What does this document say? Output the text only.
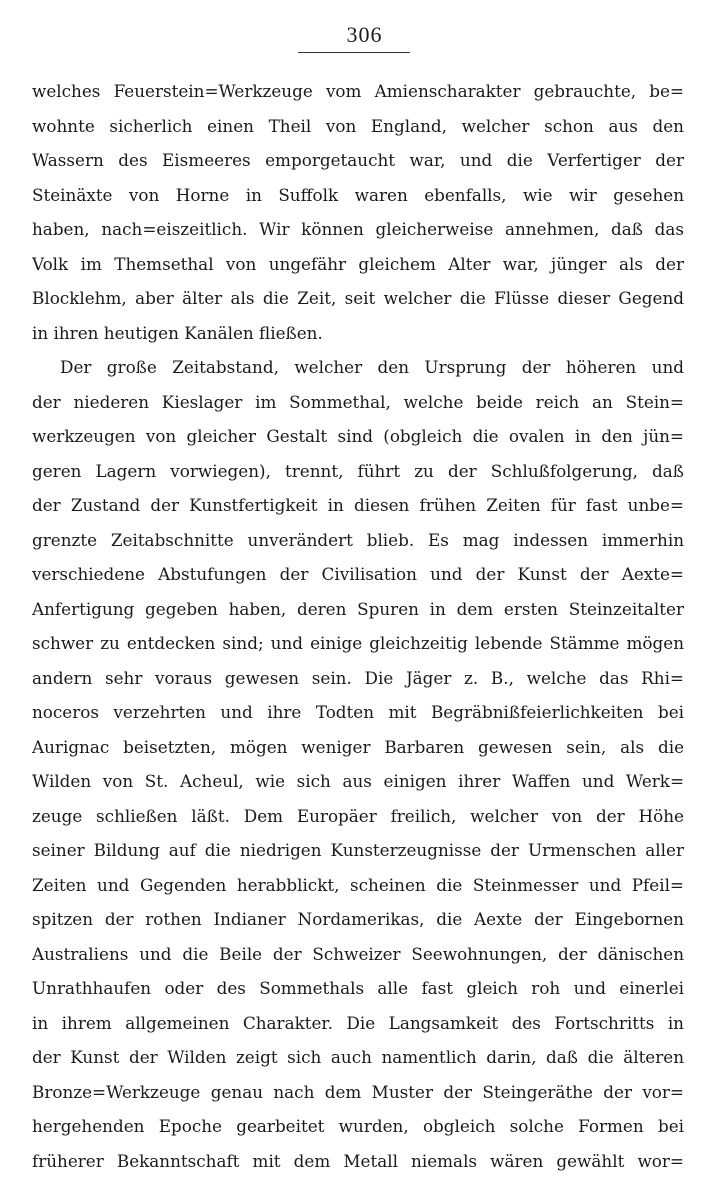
306
welches Feuerstein=Werkzeuge vom Amienscharakter gebrauchte, be=
wohnte sicherlich einen Theil von England, welcher schon aus den
Wassern des Eismeeres emporgetaucht war, und die Verfertiger der
Steinäxte von Horne in Suffolk waren ebenfalls, wie wir gesehen
haben, nach=eiszeitlich. Wir können gleicherweise annehmen, daß das
Volk im Themsethal von ungefähr gleichem Alter war, jünger als der
Blocklehm, aber älter als die Zeit, seit welcher die Flüsse dieser Gegend
in ihren heutigen Kanälen fließen.
Der große Zeitabstand, welcher den Ursprung der höheren und
der niederen Kieslager im Sommethal, welche beide reich an Stein=
werkzeugen von gleicher Gestalt sind (obgleich die ovalen in den jün=
geren Lagern vorwiegen), trennt, führt zu der Schlußfolgerung, daß
der Zustand der Kunstfertigkeit in diesen frühen Zeiten für fast unbe=
grenzte Zeitabschnitte unverändert blieb. Es mag indessen immerhin
verschiedene Abstufungen der Civilisation und der Kunst der Aexte=
Anfertigung gegeben haben, deren Spuren in dem ersten Steinzeitalter
schwer zu entdecken sind; und einige gleichzeitig lebende Stämme mögen
andern sehr voraus gewesen sein. Die Jäger z. B., welche das Rhi=
noceros verzehrten und ihre Todten mit Begräbnißfeierlichkeiten bei
Aurignac beisetzten, mögen weniger Barbaren gewesen sein, als die
Wilden von St. Acheul, wie sich aus einigen ihrer Waffen und Werk=
zeuge schließen läßt. Dem Europäer freilich, welcher von der Höhe
seiner Bildung auf die niedrigen Kunsterzeugnisse der Urmenschen aller
Zeiten und Gegenden herabblickt, scheinen die Steinmesser und Pfeil=
spitzen der rothen Indianer Nordamerikas, die Aexte der Eingebornen
Australiens und die Beile der Schweizer Seewohnungen, der dänischen
Unrathhaufen oder des Sommethals alle fast gleich roh und einerlei
in ihrem allgemeinen Charakter. Die Langsamkeit des Fortschritts in
der Kunst der Wilden zeigt sich auch namentlich darin, daß die älteren
Bronze=Werkzeuge genau nach dem Muster der Steingeräthe der vor=
hergehenden Epoche gearbeitet wurden, obgleich solche Formen bei
früherer Bekanntschaft mit dem Metall niemals wären gewählt wor=
